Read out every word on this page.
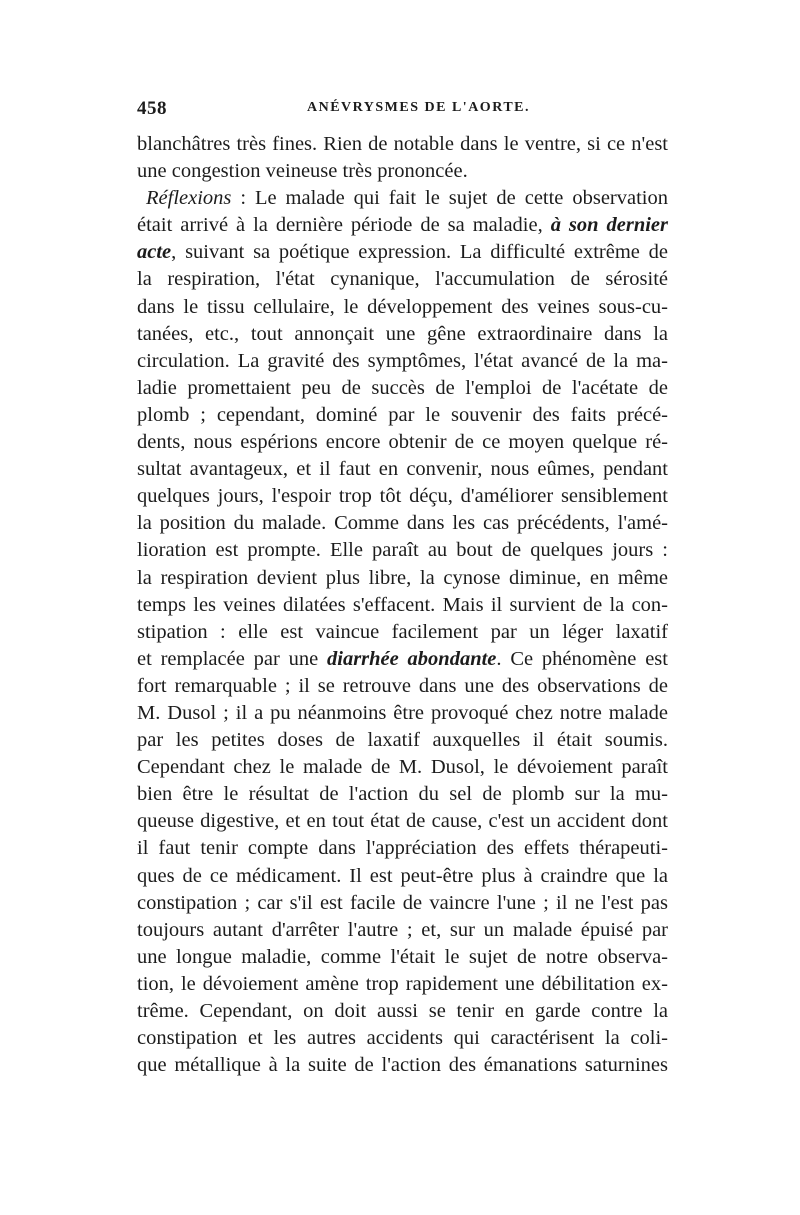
458	ANÉVRYSMES DE L'AORTE.
blanchâtres très fines. Rien de notable dans le ventre, si ce n'est
une congestion veineuse très prononcée.
Réflexions : Le malade qui fait le sujet de cette observation
était arrivé à la dernière période de sa maladie, à son dernier
acte, suivant sa poétique expression. La difficulté extrême de
la respiration, l'état cynanique, l'accumulation de sérosité
dans le tissu cellulaire, le développement des veines sous-cu-
tanées, etc., tout annonçait une gêne extraordinaire dans la
circulation. La gravité des symptômes, l'état avancé de la ma-
ladie promettaient peu de succès de l'emploi de l'acétate de
plomb ; cependant, dominé par le souvenir des faits précé-
dents, nous espérions encore obtenir de ce moyen quelque ré-
sultat avantageux, et il faut en convenir, nous eûmes, pendant
quelques jours, l'espoir trop tôt déçu, d'améliorer sensiblement
la position du malade. Comme dans les cas précédents, l'amé-
lioration est prompte. Elle paraît au bout de quelques jours :
la respiration devient plus libre, la cynose diminue, en même
temps les veines dilatées s'effacent. Mais il survient de la con-
stipation : elle est vaincue facilement par un léger laxatif
et remplacée par une diarrhée abondante. Ce phénomène est
fort remarquable ; il se retrouve dans une des observations de
M. Dusol ; il a pu néanmoins être provoqué chez notre malade
par les petites doses de laxatif auxquelles il était soumis.
Cependant chez le malade de M. Dusol, le dévoiement paraît
bien être le résultat de l'action du sel de plomb sur la mu-
queuse digestive, et en tout état de cause, c'est un accident dont
il faut tenir compte dans l'appréciation des effets thérapeuti-
ques de ce médicament. Il est peut-être plus à craindre que la
constipation ; car s'il est facile de vaincre l'une ; il ne l'est pas
toujours autant d'arrêter l'autre ; et, sur un malade épuisé par
une longue maladie, comme l'était le sujet de notre observa-
tion, le dévoiement amène trop rapidement une débilitation ex-
trême. Cependant, on doit aussi se tenir en garde contre la
constipation et les autres accidents qui caractérisent la coli-
que métallique à la suite de l'action des émanations saturnines
